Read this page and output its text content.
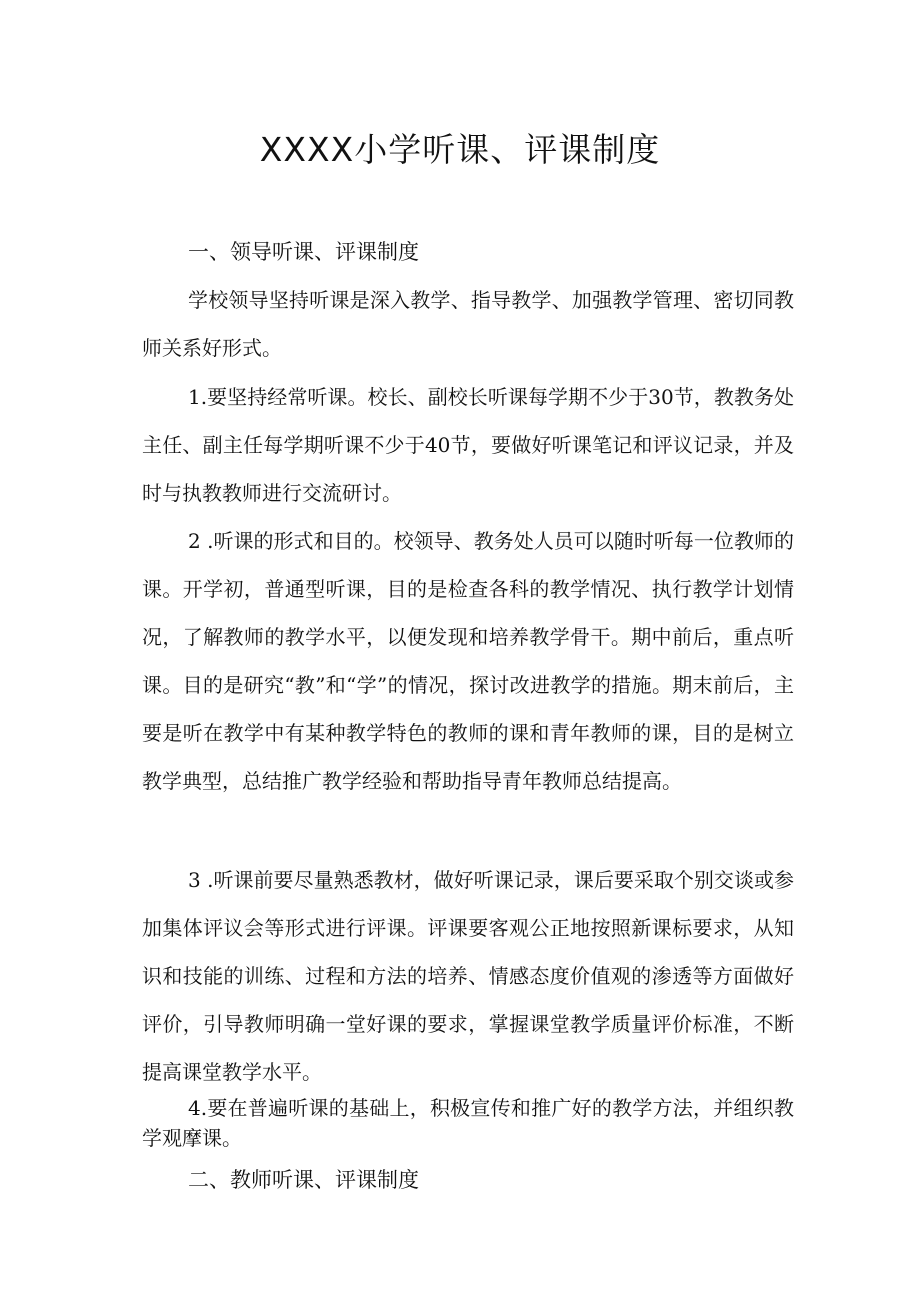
XXXX小学听课、评课制度
一、领导听课、评课制度

学校领导坚持听课是深入教学、指导教学、加强教学管理、密切同教师关系好形式。

1.要坚持经常听课。校长、副校长听课每学期不少于30节，教教务处主任、副主任每学期听课不少于40节，要做好听课笔记和评议记录，并及时与执教教师进行交流研讨。

2 .听课的形式和目的。校领导、教务处人员可以随时听每一位教师的课。开学初，普通型听课，目的是检查各科的教学情况、执行教学计划情况，了解教师的教学水平，以便发现和培养教学骨干。期中前后，重点听课。目的是研究“教”和“学”的情况，探讨改进教学的措施。期末前后，主要是听在教学中有某种教学特色的教师的课和青年教师的课，目的是树立教学典型，总结推广教学经验和帮助指导青年教师总结提高。

3 .听课前要尽量熟悉教材，做好听课记录，课后要采取个别交谈或参加集体评议会等形式进行评课。评课要客观公正地按照新课标要求，从知识和技能的训练、过程和方法的培养、情感态度价值观的渗透等方面做好评价，引导教师明确一堂好课的要求，掌握课堂教学质量评价标准，不断提高课堂教学水平。

4.要在普遍听课的基础上，积极宣传和推广好的教学方法，并组织教学观摩课。

二、教师听课、评课制度
